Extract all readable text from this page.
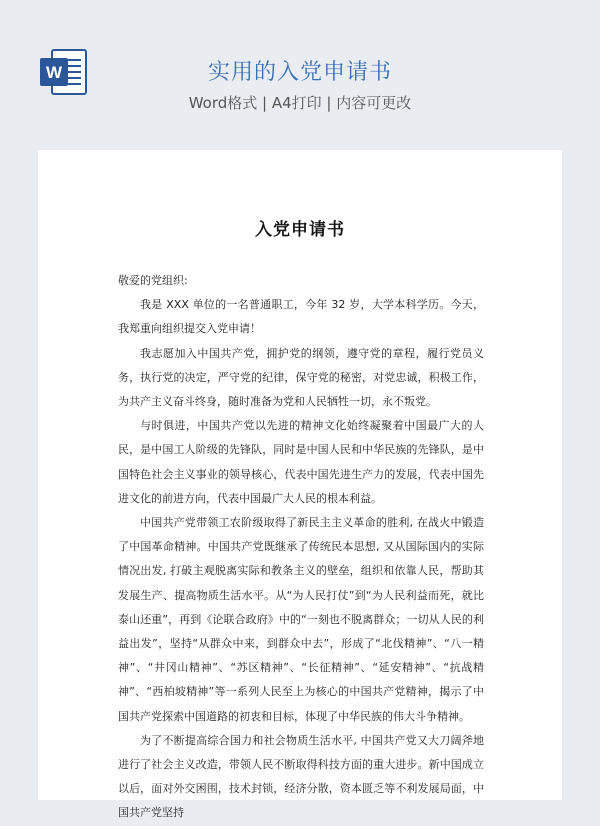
W	实用的入党申请书
Word格式 | A4打印 | 内容可更改
入党申请书

敬爱的党组织:

我是 XXX 单位的一名普通职工，今年 32 岁，大学本科学历。今天，我郑重向组织提交入党申请！

我志愿加入中国共产党，拥护党的纲领，遵守党的章程，履行党员义务，执行党的决定，严守党的纪律，保守党的秘密，对党忠诚，积极工作，为共产主义奋斗终身，随时准备为党和人民牺牲一切，永不叛党。

与时俱进，中国共产党以先进的精神文化始终凝聚着中国最广大的人民，是中国工人阶级的先锋队，同时是中国人民和中华民族的先锋队，是中国特色社会主义事业的领导核心，代表中国先进生产力的发展，代表中国先进文化的前进方向，代表中国最广大人民的根本利益。

中国共产党带领工农阶级取得了新民主主义革命的胜利, 在战火中锻造了中国革命精神。中国共产党既继承了传统民本思想, 又从国际国内的实际情况出发, 打破主观脱离实际和教条主义的壁垒，组织和依靠人民，帮助其发展生产、提高物质生活水平。从“为人民打仗”到“为人民利益而死，就比泰山还重”，再到《论联合政府》中的“一刻也不脱离群众；一切从人民的利益出发”，坚持“从群众中来，到群众中去”，形成了“北伐精神”、“八一精神”、“井冈山精神”、“苏区精神”、“长征精神”、“延安精神”、“抗战精神”、“西柏坡精神”等一系列人民至上为核心的中国共产党精神，揭示了中国共产党探索中国道路的初衷和目标，体现了中华民族的伟大斗争精神。

为了不断提高综合国力和社会物质生活水平, 中国共产党又大刀阔斧地进行了社会主义改造，带领人民不断取得科技方面的重大进步。新中国成立以后，面对外交困围，技术封锁，经济分散，资本匮乏等不利发展局面，中国共产党坚持
